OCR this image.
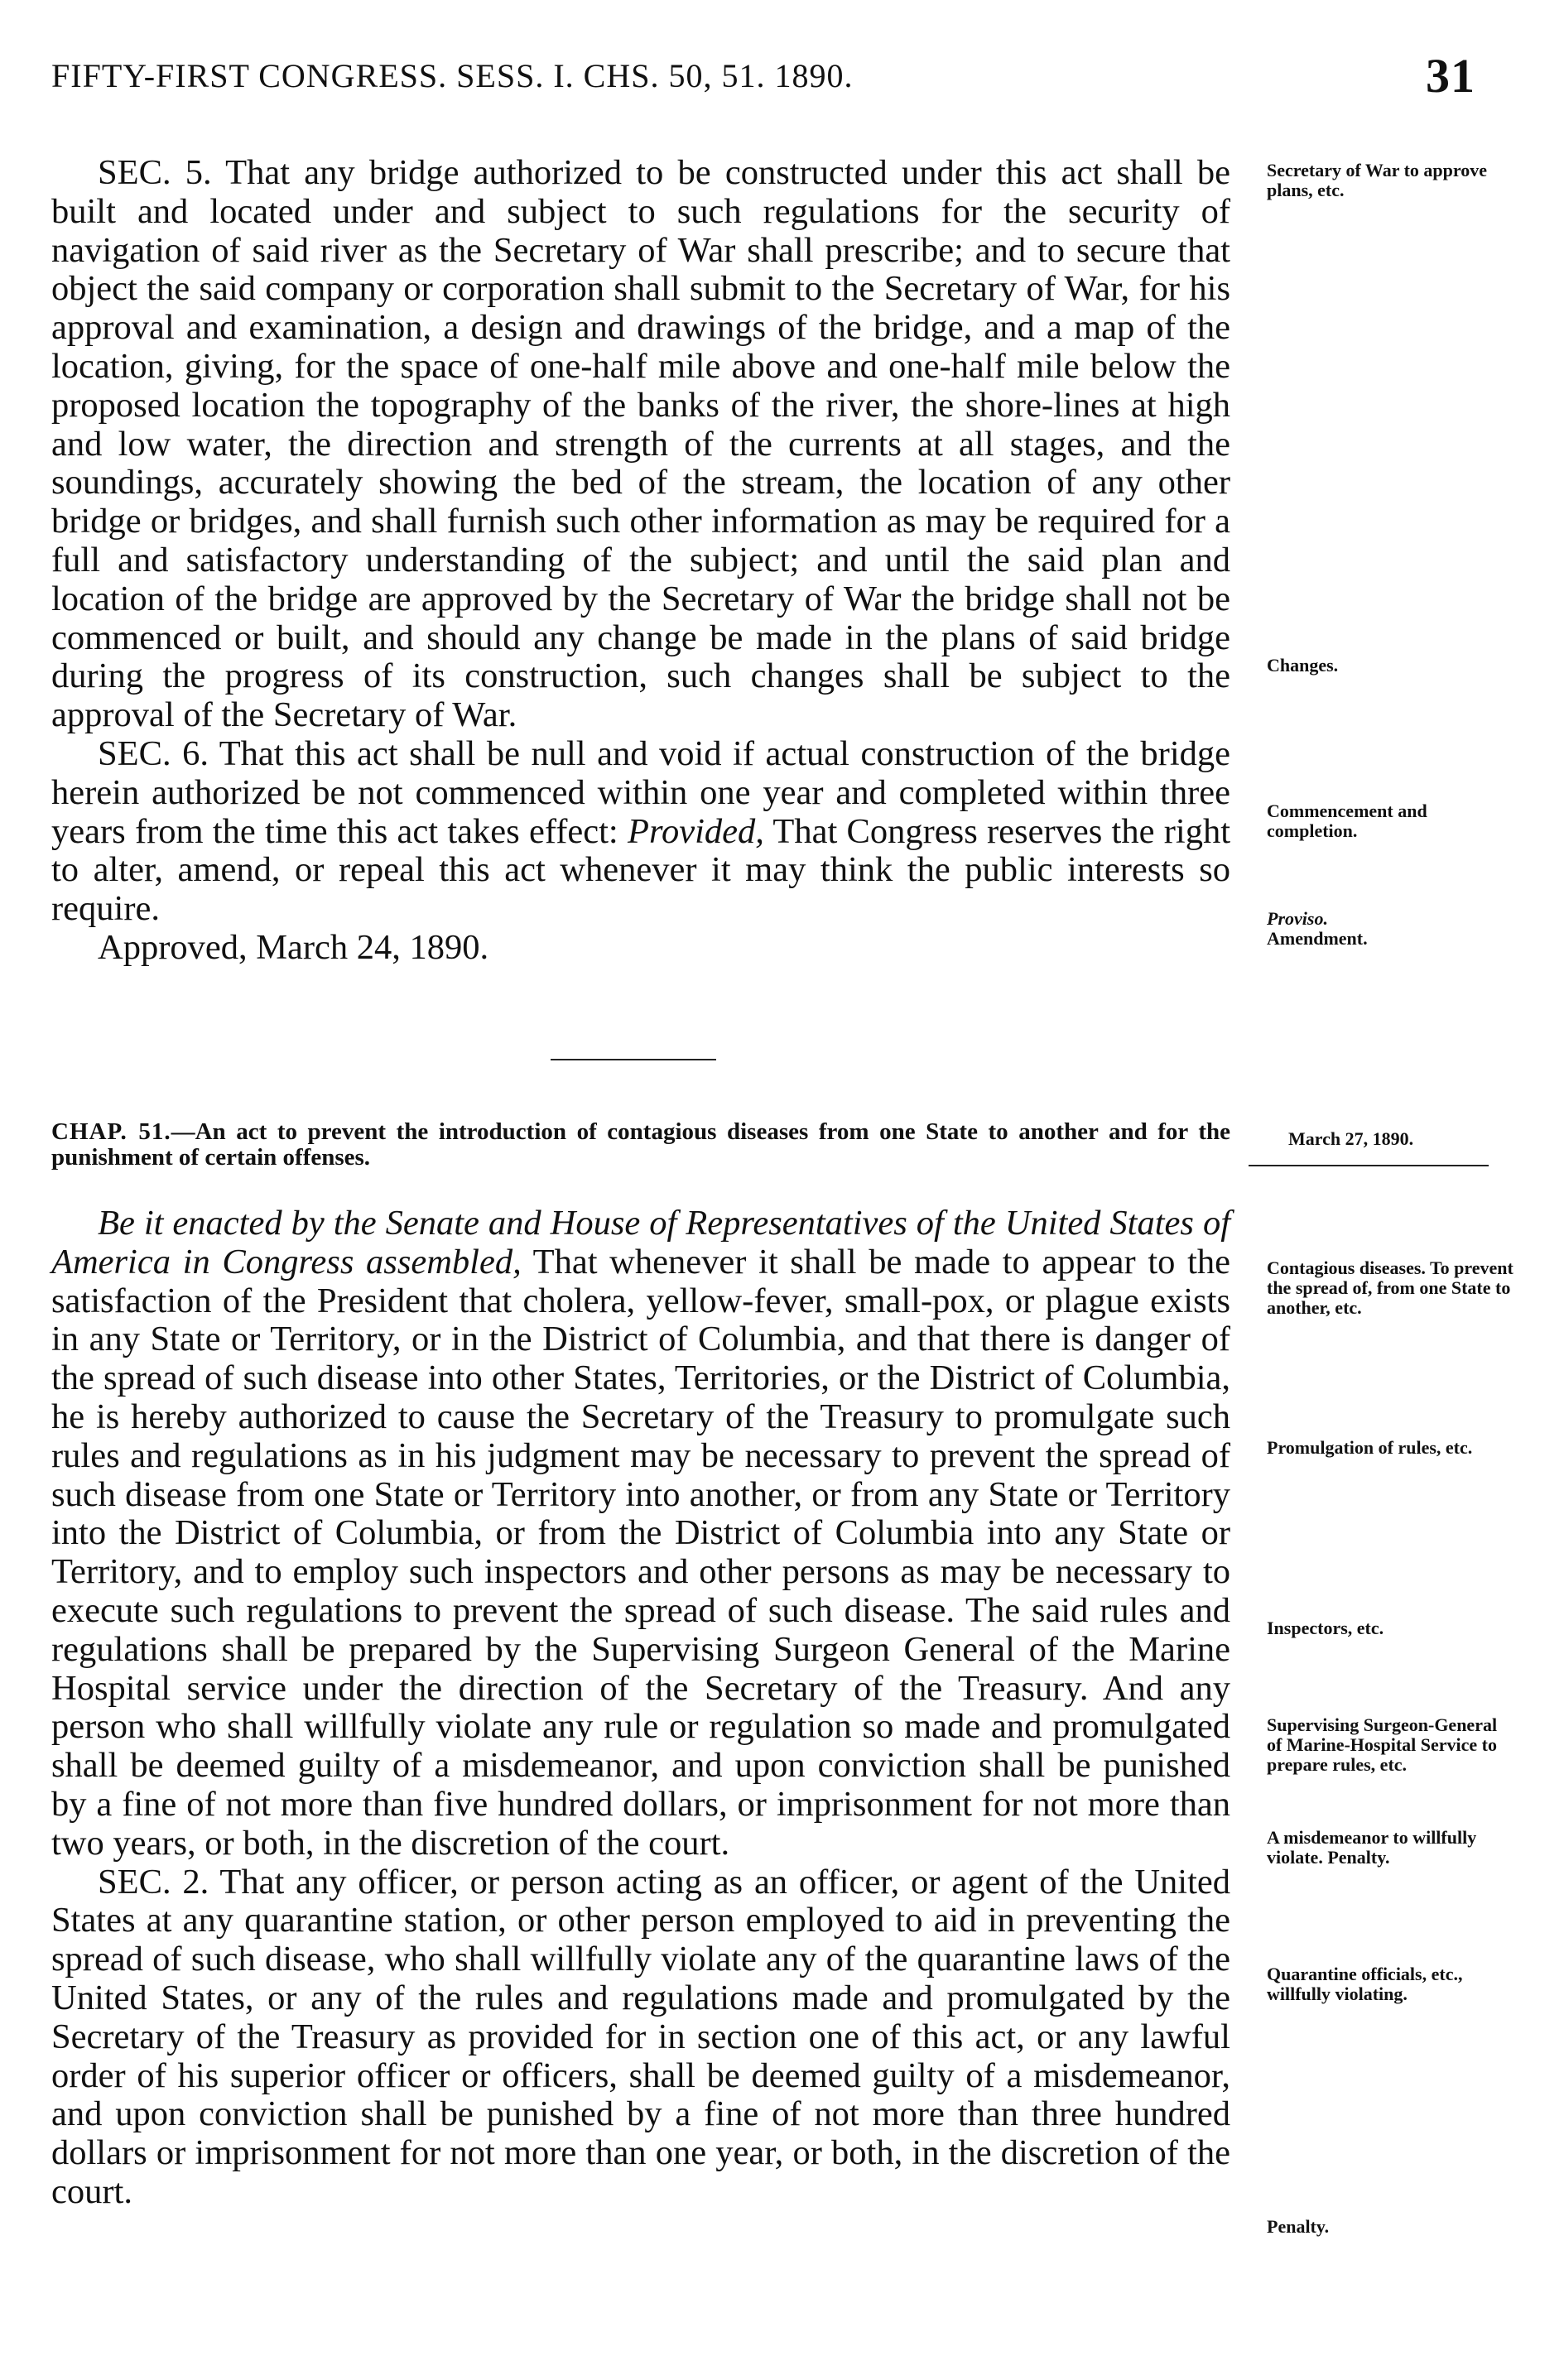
FIFTY-FIRST CONGRESS. SESS. I. CHS. 50, 51. 1890.	31

SEC. 5. That any bridge authorized to be constructed under this act shall be built and located under and subject to such regulations for the security of navigation of said river as the Secretary of War shall prescribe; and to secure that object the said company or corporation shall submit to the Secretary of War, for his approval and examination, a design and drawings of the bridge, and a map of the location, giving, for the space of one-half mile above and one-half mile below the proposed location the topography of the banks of the river, the shore-lines at high and low water, the direction and strength of the currents at all stages, and the soundings, accurately showing the bed of the stream, the location of any other bridge or bridges, and shall furnish such other information as may be required for a full and satisfactory understanding of the subject; and until the said plan and location of the bridge are approved by the Secretary of War the bridge shall not be commenced or built, and should any change be made in the plans of said bridge during the progress of its construction, such changes shall be subject to the approval of the Secretary of War.

SEC. 6. That this act shall be null and void if actual construction of the bridge herein authorized be not commenced within one year and completed within three years from the time this act takes effect: Provided, That Congress reserves the right to alter, amend, or repeal this act whenever it may think the public interests so require.

Approved, March 24, 1890.

CHAP. 51.—An act to prevent the introduction of contagious diseases from one State to another and for the punishment of certain offenses.
March 27, 1890.

Be it enacted by the Senate and House of Representatives of the United States of America in Congress assembled, That whenever it shall be made to appear to the satisfaction of the President that cholera, yellow-fever, small-pox, or plague exists in any State or Territory, or in the District of Columbia, and that there is danger of the spread of such disease into other States, Territories, or the District of Columbia, he is hereby authorized to cause the Secretary of the Treasury to promulgate such rules and regulations as in his judgment may be necessary to prevent the spread of such disease from one State or Territory into another, or from any State or Territory into the District of Columbia, or from the District of Columbia into any State or Territory, and to employ such inspectors and other persons as may be necessary to execute such regulations to prevent the spread of such disease. The said rules and regulations shall be prepared by the Supervising Surgeon General of the Marine Hospital service under the direction of the Secretary of the Treasury. And any person who shall willfully violate any rule or regulation so made and promulgated shall be deemed guilty of a misdemeanor, and upon conviction shall be punished by a fine of not more than five hundred dollars, or imprisonment for not more than two years, or both, in the discretion of the court.

SEC. 2. That any officer, or person acting as an officer, or agent of the United States at any quarantine station, or other person employed to aid in preventing the spread of such disease, who shall willfully violate any of the quarantine laws of the United States, or any of the rules and regulations made and promulgated by the Secretary of the Treasury as provided for in section one of this act, or any lawful order of his superior officer or officers, shall be deemed guilty of a misdemeanor, and upon conviction shall be punished by a fine of not more than three hundred dollars or imprisonment for not more than one year, or both, in the discretion of the court.

Secretary of War to approve plans, etc.
Changes.
Commencement and completion.
Proviso.
Amendment.
Contagious diseases. To prevent the spread of, from one State to another, etc.
Promulgation of rules, etc.
Inspectors, etc.
Supervising Surgeon-General of Marine-Hospital Service to prepare rules, etc.
A misdemeanor to willfully violate. Penalty.
Quarantine officials, etc., willfully violating.
Penalty.
